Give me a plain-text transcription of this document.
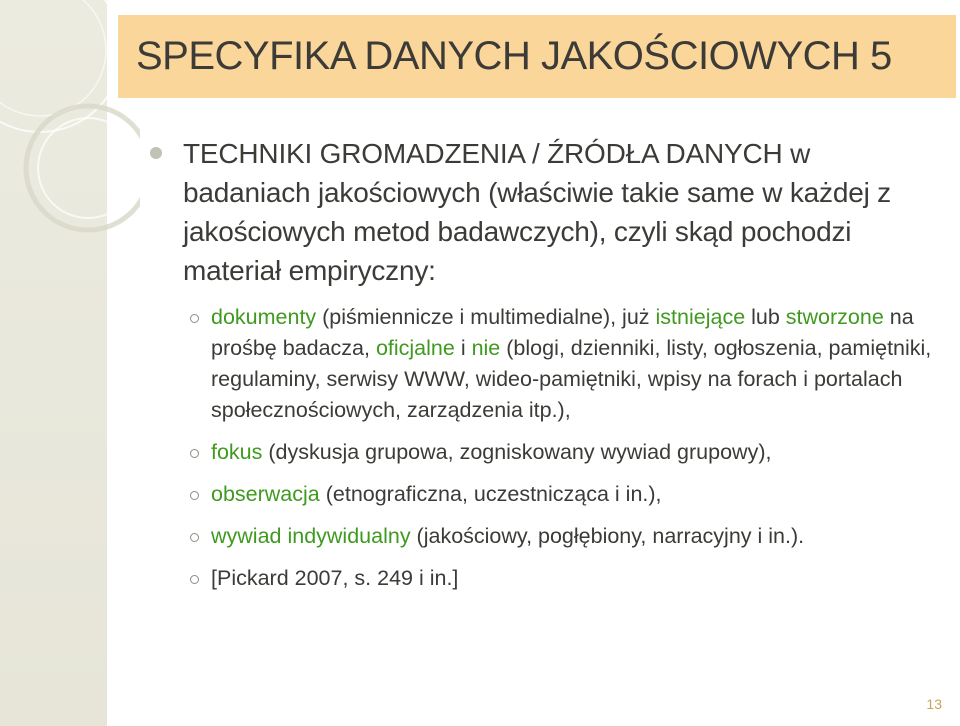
SPECYFIKA DANYCH JAKOŚCIOWYCH 5
TECHNIKI GROMADZENIA / ŹRÓDŁA DANYCH w badaniach jakościowych (właściwie takie same w każdej z jakościowych metod badawczych), czyli skąd pochodzi materiał empiryczny:
dokumenty (piśmiennicze i multimedialne), już istniejące lub stworzone na prośbę badacza, oficjalne i nie (blogi, dzienniki, listy, ogłoszenia, pamiętniki, regulaminy, serwisy WWW, wideo-pamiętniki, wpisy na forach i portalach społecznościowych, zarządzenia itp.),
fokus (dyskusja grupowa, zogniskowany wywiad grupowy),
obserwacja (etnograficzna, uczestnicząca i in.),
wywiad indywidualny (jakościowy, pogłębiony, narracyjny i in.).
[Pickard 2007, s. 249 i in.]
13
